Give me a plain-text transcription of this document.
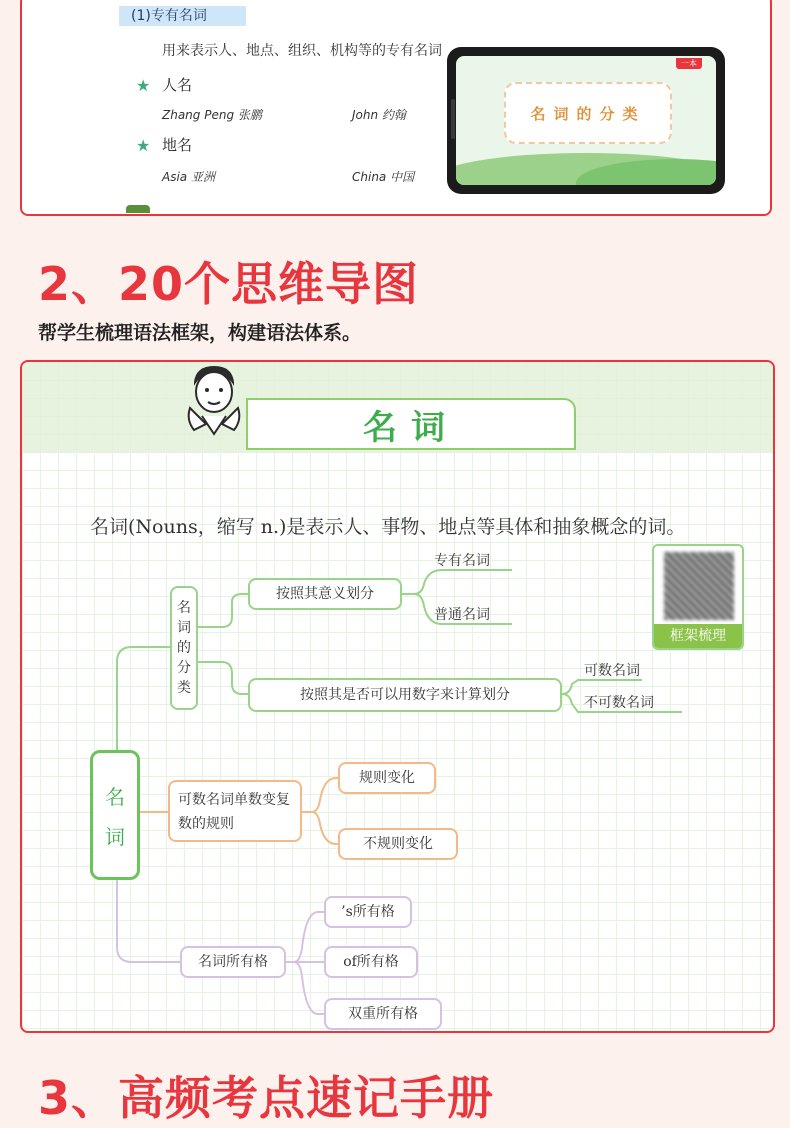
(1)专有名词
用来表示人、地点、组织、机构等的专有名词
★ 人名
Zhang Peng 张鹏	John 约翰
★ 地名
Asia 亚洲	China 中国
一本
名词的分类
2、20个思维导图
帮学生梳理语法框架，构建语法体系。
名词
名词(Nouns，缩写 n.)是表示人、事物、地点等具体和抽象概念的词。
名词
名词的分类
按照其意义划分
按照其是否可以用数字来计算划分
专有名词
普通名词
可数名词
不可数名词
可数名词单数变复数的规则
规则变化
不规则变化
名词所有格
’s所有格
of所有格
双重所有格
框架梳理
3、高频考点速记手册
